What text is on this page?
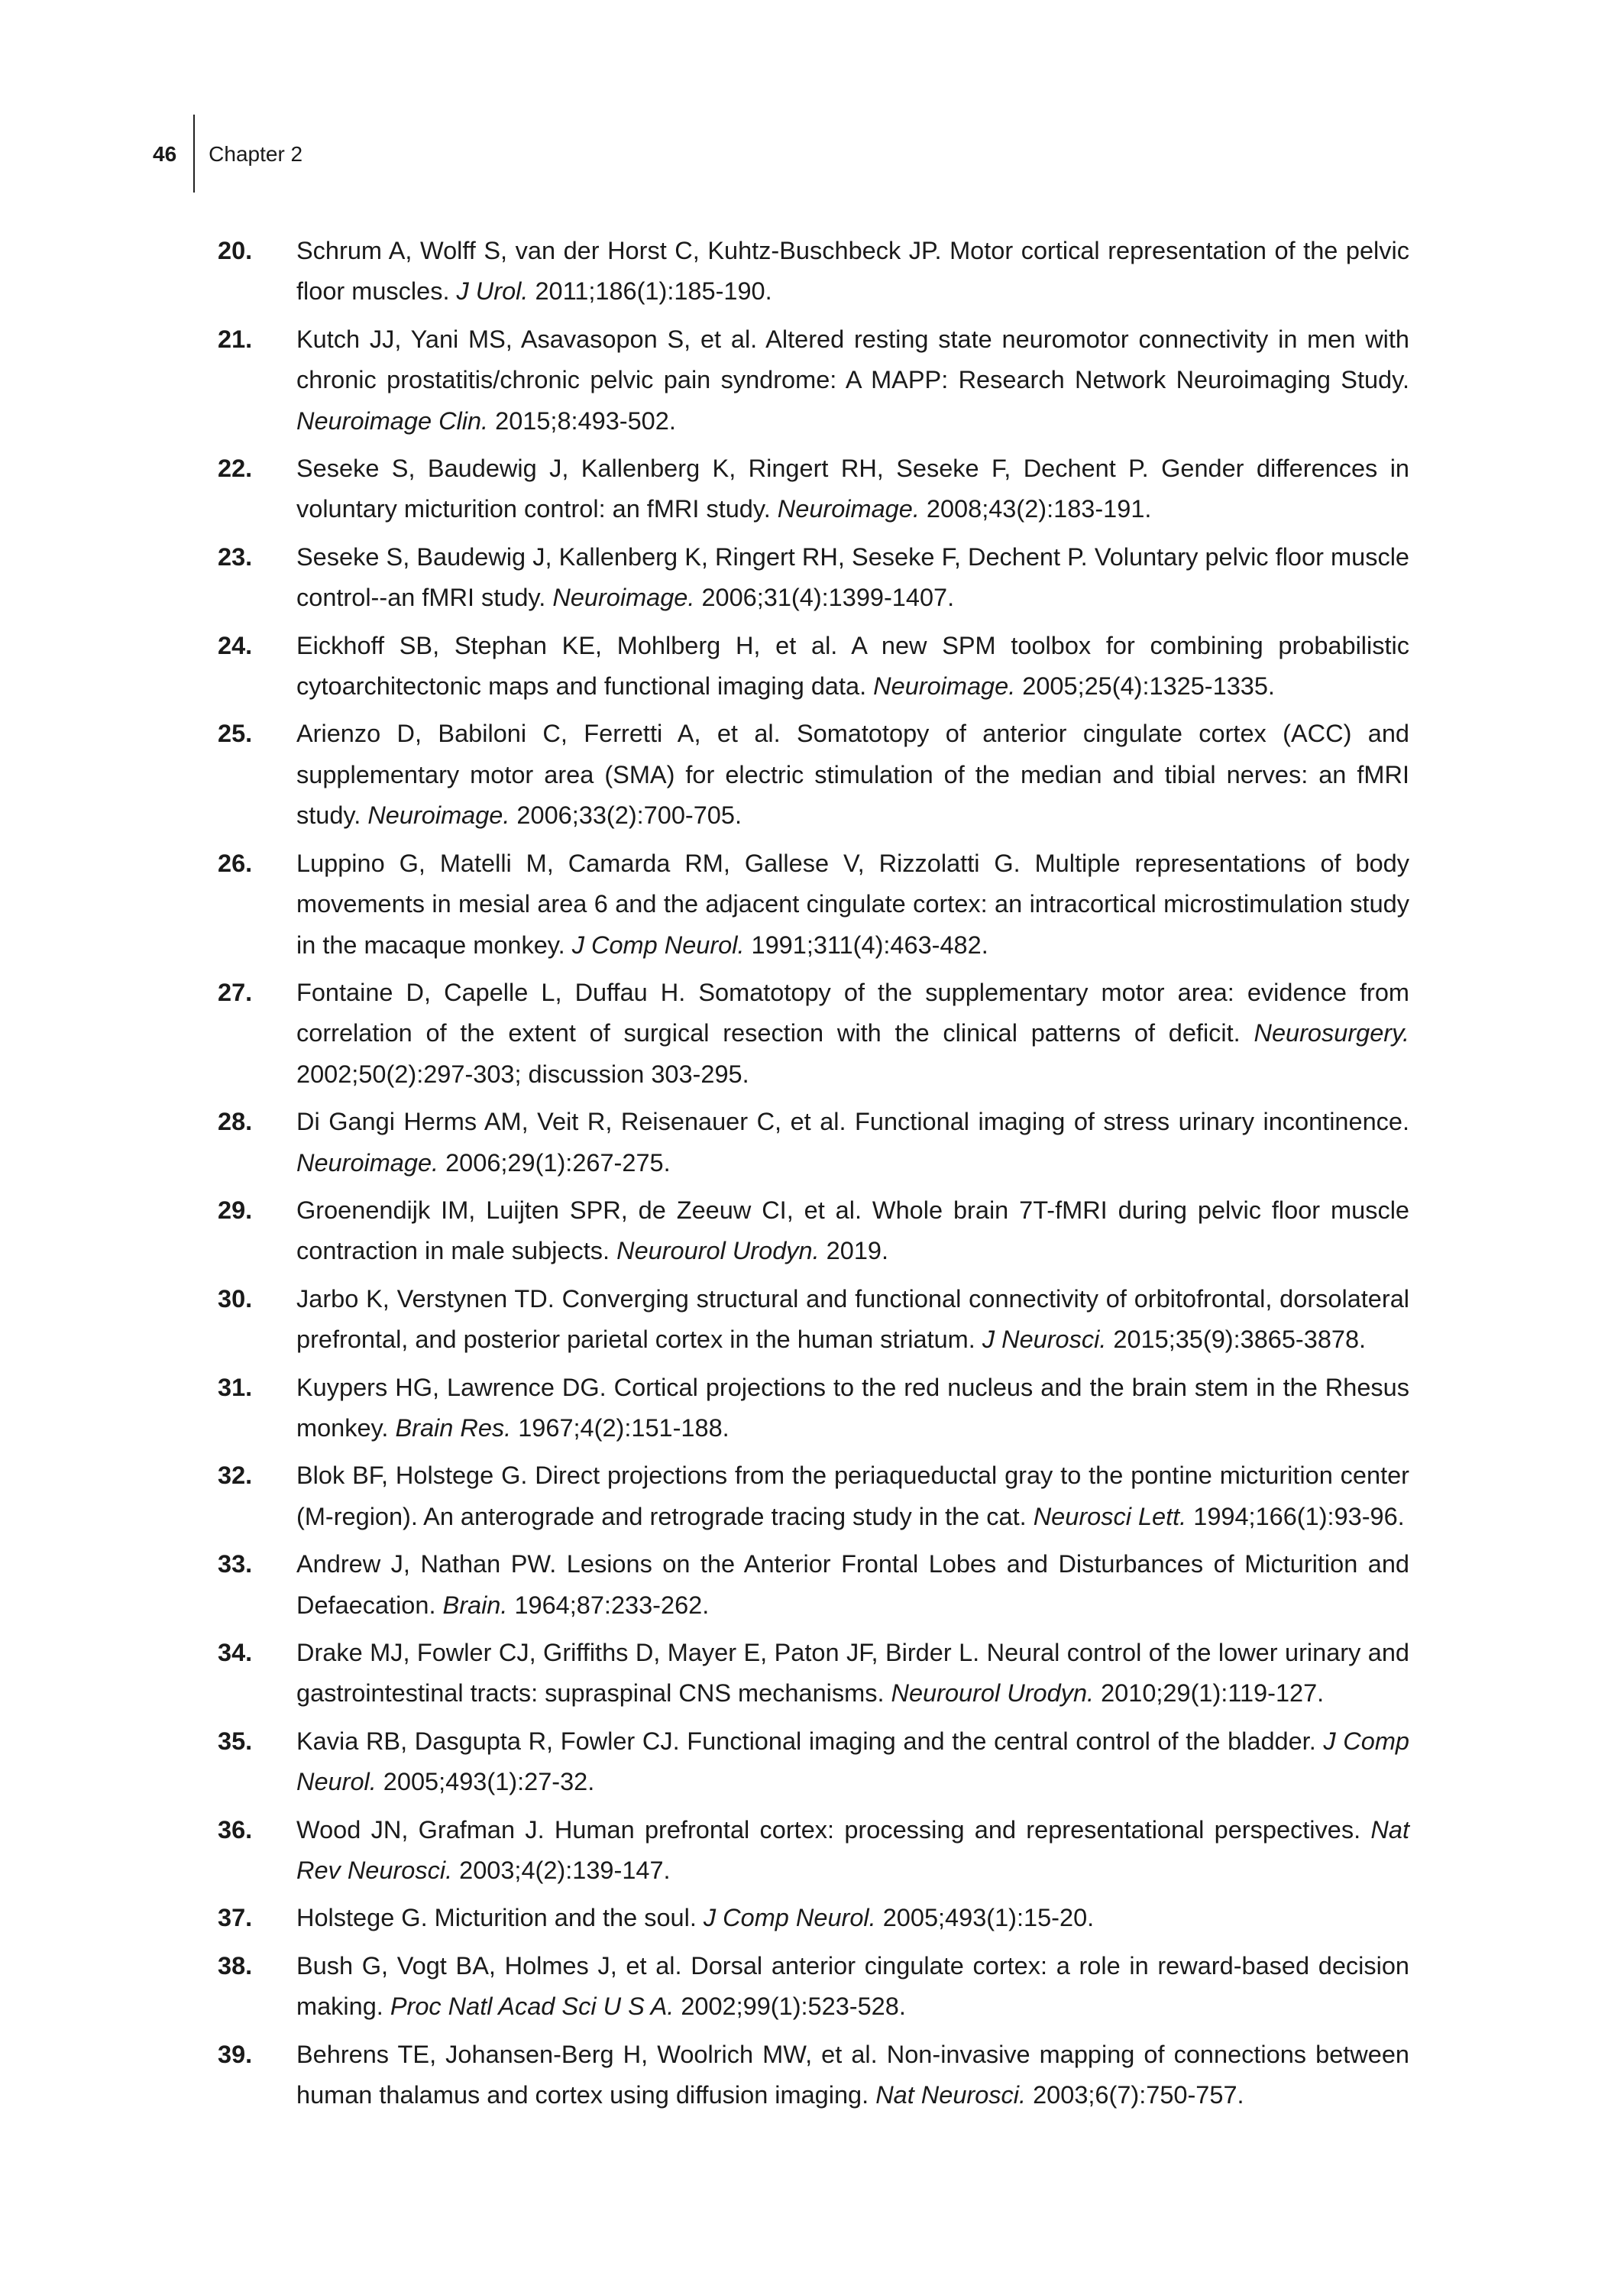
46 Chapter 2
20. Schrum A, Wolff S, van der Horst C, Kuhtz-Buschbeck JP. Motor cortical representation of the pelvic floor muscles. J Urol. 2011;186(1):185-190.
21. Kutch JJ, Yani MS, Asavasopon S, et al. Altered resting state neuromotor connectivity in men with chronic prostatitis/chronic pelvic pain syndrome: A MAPP: Research Network Neuroimaging Study. Neuroimage Clin. 2015;8:493-502.
22. Seseke S, Baudewig J, Kallenberg K, Ringert RH, Seseke F, Dechent P. Gender differences in voluntary micturition control: an fMRI study. Neuroimage. 2008;43(2):183-191.
23. Seseke S, Baudewig J, Kallenberg K, Ringert RH, Seseke F, Dechent P. Voluntary pelvic floor muscle control--an fMRI study. Neuroimage. 2006;31(4):1399-1407.
24. Eickhoff SB, Stephan KE, Mohlberg H, et al. A new SPM toolbox for combining probabilistic cytoarchitectonic maps and functional imaging data. Neuroimage. 2005;25(4):1325-1335.
25. Arienzo D, Babiloni C, Ferretti A, et al. Somatotopy of anterior cingulate cortex (ACC) and supplementary motor area (SMA) for electric stimulation of the median and tibial nerves: an fMRI study. Neuroimage. 2006;33(2):700-705.
26. Luppino G, Matelli M, Camarda RM, Gallese V, Rizzolatti G. Multiple representations of body movements in mesial area 6 and the adjacent cingulate cortex: an intracortical microstimulation study in the macaque monkey. J Comp Neurol. 1991;311(4):463-482.
27. Fontaine D, Capelle L, Duffau H. Somatotopy of the supplementary motor area: evidence from correlation of the extent of surgical resection with the clinical patterns of deficit. Neurosurgery. 2002;50(2):297-303; discussion 303-295.
28. Di Gangi Herms AM, Veit R, Reisenauer C, et al. Functional imaging of stress urinary incontinence. Neuroimage. 2006;29(1):267-275.
29. Groenendijk IM, Luijten SPR, de Zeeuw CI, et al. Whole brain 7T-fMRI during pelvic floor muscle contraction in male subjects. Neurourol Urodyn. 2019.
30. Jarbo K, Verstynen TD. Converging structural and functional connectivity of orbitofrontal, dorsolateral prefrontal, and posterior parietal cortex in the human striatum. J Neurosci. 2015;35(9):3865-3878.
31. Kuypers HG, Lawrence DG. Cortical projections to the red nucleus and the brain stem in the Rhesus monkey. Brain Res. 1967;4(2):151-188.
32. Blok BF, Holstege G. Direct projections from the periaqueductal gray to the pontine micturition center (M-region). An anterograde and retrograde tracing study in the cat. Neurosci Lett. 1994;166(1):93-96.
33. Andrew J, Nathan PW. Lesions on the Anterior Frontal Lobes and Disturbances of Micturition and Defaecation. Brain. 1964;87:233-262.
34. Drake MJ, Fowler CJ, Griffiths D, Mayer E, Paton JF, Birder L. Neural control of the lower urinary and gastrointestinal tracts: supraspinal CNS mechanisms. Neurourol Urodyn. 2010;29(1):119-127.
35. Kavia RB, Dasgupta R, Fowler CJ. Functional imaging and the central control of the bladder. J Comp Neurol. 2005;493(1):27-32.
36. Wood JN, Grafman J. Human prefrontal cortex: processing and representational perspectives. Nat Rev Neurosci. 2003;4(2):139-147.
37. Holstege G. Micturition and the soul. J Comp Neurol. 2005;493(1):15-20.
38. Bush G, Vogt BA, Holmes J, et al. Dorsal anterior cingulate cortex: a role in reward-based decision making. Proc Natl Acad Sci U S A. 2002;99(1):523-528.
39. Behrens TE, Johansen-Berg H, Woolrich MW, et al. Non-invasive mapping of connections between human thalamus and cortex using diffusion imaging. Nat Neurosci. 2003;6(7):750-757.
